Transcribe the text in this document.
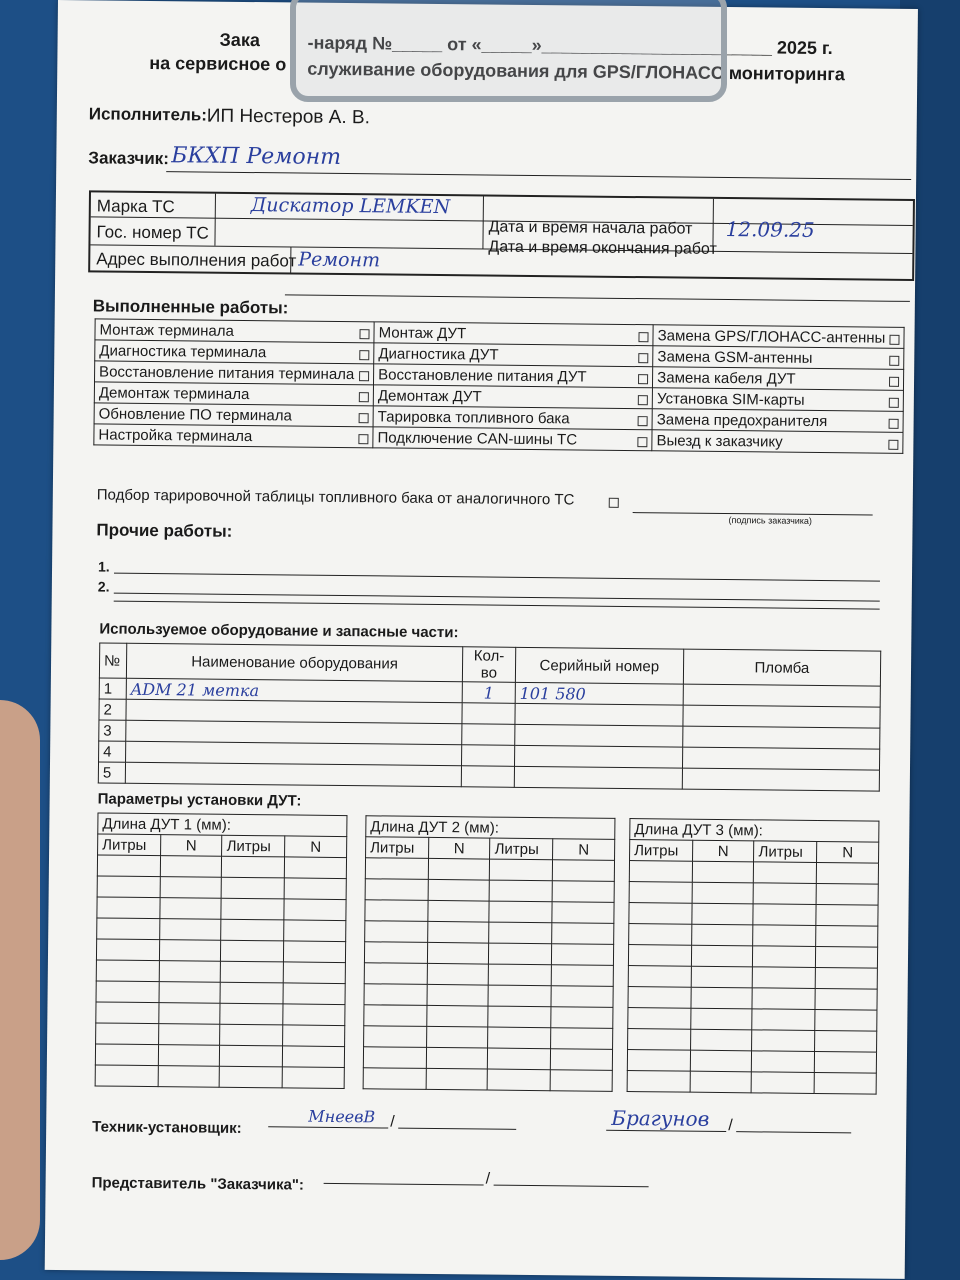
Зака	-наряд №_____ от «_____»_______________________ 2025 г.
на сервисное о служивание оборудования для GPS/ГЛОНАСС мониторинга
Исполнитель: ИП Нестеров А. В.
Заказчик: БКХП Ремонт
Марка ТС	Дискатор LEMKEN
Гос. номер ТС	Дата и время начала работ 12.09.25
Дата и время окончания работ
Адрес выполнения работ Ремонт
Выполненные работы:
Монтаж терминала	Монтаж ДУТ	Замена GPS/ГЛОНАСС-антенны

Диагностика терминала	Диагностика ДУТ	Замена GSM-антенны

Восстановление питания терминала	Восстановление питания ДУТ	Замена кабеля ДУТ

Демонтаж терминала	Демонтаж ДУТ	Установка SIM-карты

Обновление ПО терминала	Тарировка топливного бака	Замена предохранителя

Настройка терминала	Подключение CAN-шины ТС	Выезд к заказчику
Подбор тарировочной таблицы топливного бака от аналогичного ТС
(подпись заказчика)
Прочие работы:
1.
2.
Используемое оборудование и запасные части:
№	Наименование оборудования	Кол-во	Серийный номер	Пломба
1	ADM 21 метка	1	101 580	
2				
3				
4				
5				
Параметры установки ДУТ:
Длина ДУТ 1 (мм):			
Литры	N	Литры	N

Длина ДУТ 2 (мм):			
Литры	N	Литры	N

Длина ДУТ 3 (мм):			
Литры	N	Литры	N

Техник-установщик:
МнеевВ /	Брагунов /
Представитель "Заказчика":	/
